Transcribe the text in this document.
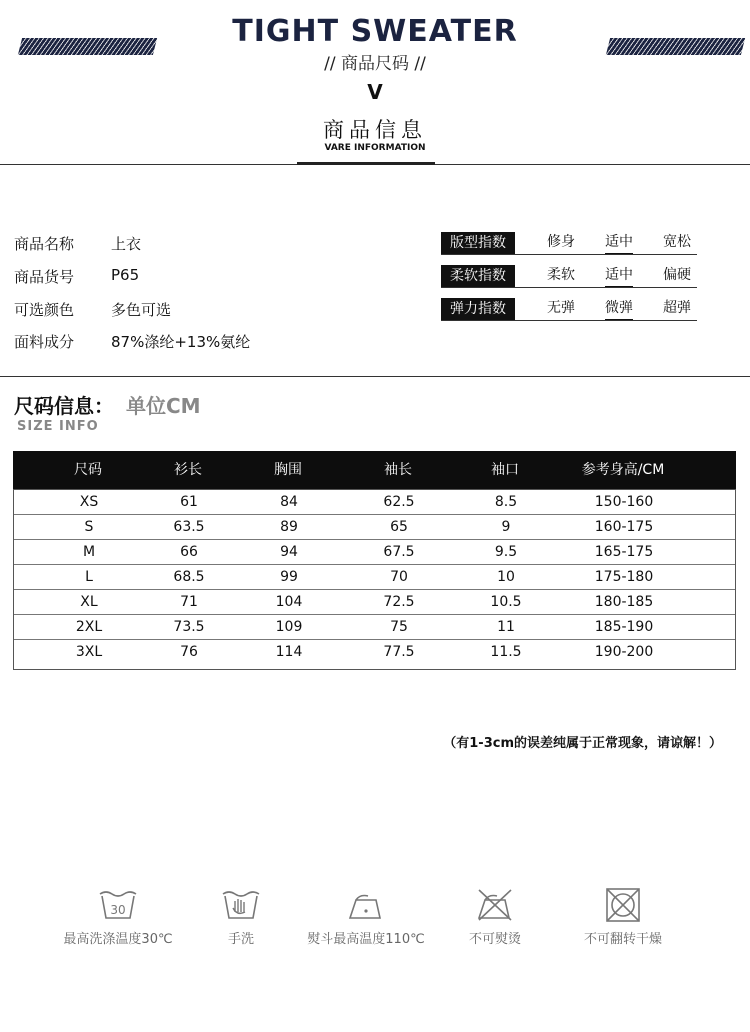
TIGHT SWEATER
// 商品尺码 //
V
商品信息
VARE INFORMATION
商品名称	上衣
商品货号	P65
可选颜色	多色可选
面料成分	87%涤纶+13%氨纶
版型指数	修身 适中 宽松
柔软指数	柔软 适中 偏硬
弹力指数	无弹 微弹 超弹
尺码信息： 单位CM
SIZE INFO
尺码	衫长	胸围	袖长	袖口	参考身高/CM
XS	61	84	62.5	8.5	150-160
S	63.5	89	65	9	160-175
M	66	94	67.5	9.5	165-175
L	68.5	99	70	10	175-180
XL	71	104	72.5	10.5	180-185
2XL	73.5	109	75	11	185-190
3XL	76	114	77.5	11.5	190-200
（有1-3cm的误差纯属于正常现象，请谅解！）
30
最高洗涤温度30℃	手洗	熨斗最高温度110℃	不可熨烫	不可翻转干燥
